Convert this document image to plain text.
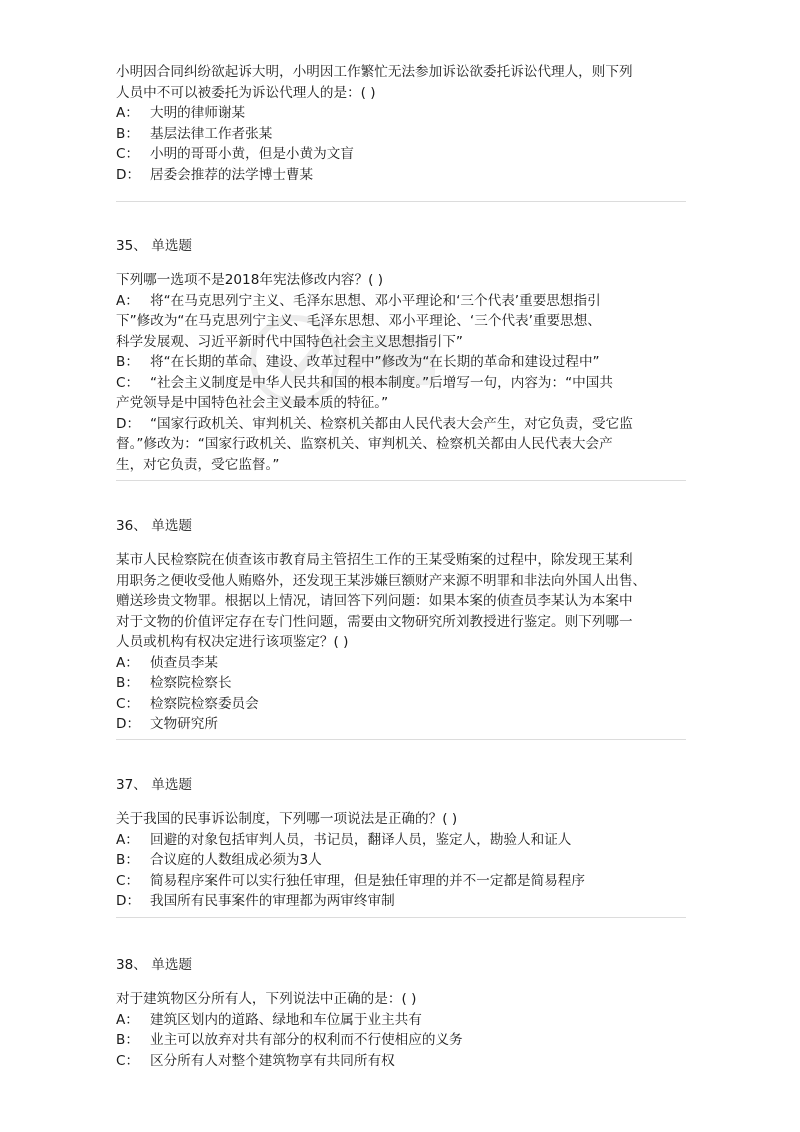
小明因合同纠纷欲起诉大明，小明因工作繁忙无法参加诉讼欲委托诉讼代理人，则下列
人员中不可以被委托为诉讼代理人的是：( )
A： 大明的律师谢某
B： 基层法律工作者张某
C： 小明的哥哥小黄，但是小黄为文盲
D： 居委会推荐的法学博士曹某
35、 单选题
下列哪一选项不是2018年宪法修改内容？( )
A： 将“在马克思列宁主义、毛泽东思想、邓小平理论和‘三个代表’重要思想指引
下”修改为“在马克思列宁主义、毛泽东思想、邓小平理论、‘三个代表’重要思想、
科学发展观、习近平新时代中国特色社会主义思想指引下”
B： 将“在长期的革命、建设、改革过程中”修改为“在长期的革命和建设过程中”
C： “社会主义制度是中华人民共和国的根本制度。”后增写一句，内容为：“中国共
产党领导是中国特色社会主义最本质的特征。”
D： “国家行政机关、审判机关、检察机关都由人民代表大会产生，对它负责，受它监
督。”修改为：“国家行政机关、监察机关、审判机关、检察机关都由人民代表大会产
生，对它负责，受它监督。”
36、 单选题
某市人民检察院在侦查该市教育局主管招生工作的王某受贿案的过程中，除发现王某利
用职务之便收受他人贿赂外，还发现王某涉嫌巨额财产来源不明罪和非法向外国人出售、
赠送珍贵文物罪。根据以上情况，请回答下列问题：如果本案的侦查员李某认为本案中
对于文物的价值评定存在专门性问题，需要由文物研究所刘教授进行鉴定。则下列哪一
人员或机构有权决定进行该项鉴定？( )
A： 侦查员李某
B： 检察院检察长
C： 检察院检察委员会
D： 文物研究所
37、 单选题
关于我国的民事诉讼制度，下列哪一项说法是正确的？( )
A： 回避的对象包括审判人员，书记员，翻译人员，鉴定人，勘验人和证人
B： 合议庭的人数组成必须为3人
C： 简易程序案件可以实行独任审理，但是独任审理的并不一定都是简易程序
D： 我国所有民事案件的审理都为两审终审制
38、 单选题
对于建筑物区分所有人，下列说法中正确的是：( )
A： 建筑区划内的道路、绿地和车位属于业主共有
B： 业主可以放弃对共有部分的权利而不行使相应的义务
C： 区分所有人对整个建筑物享有共同所有权
